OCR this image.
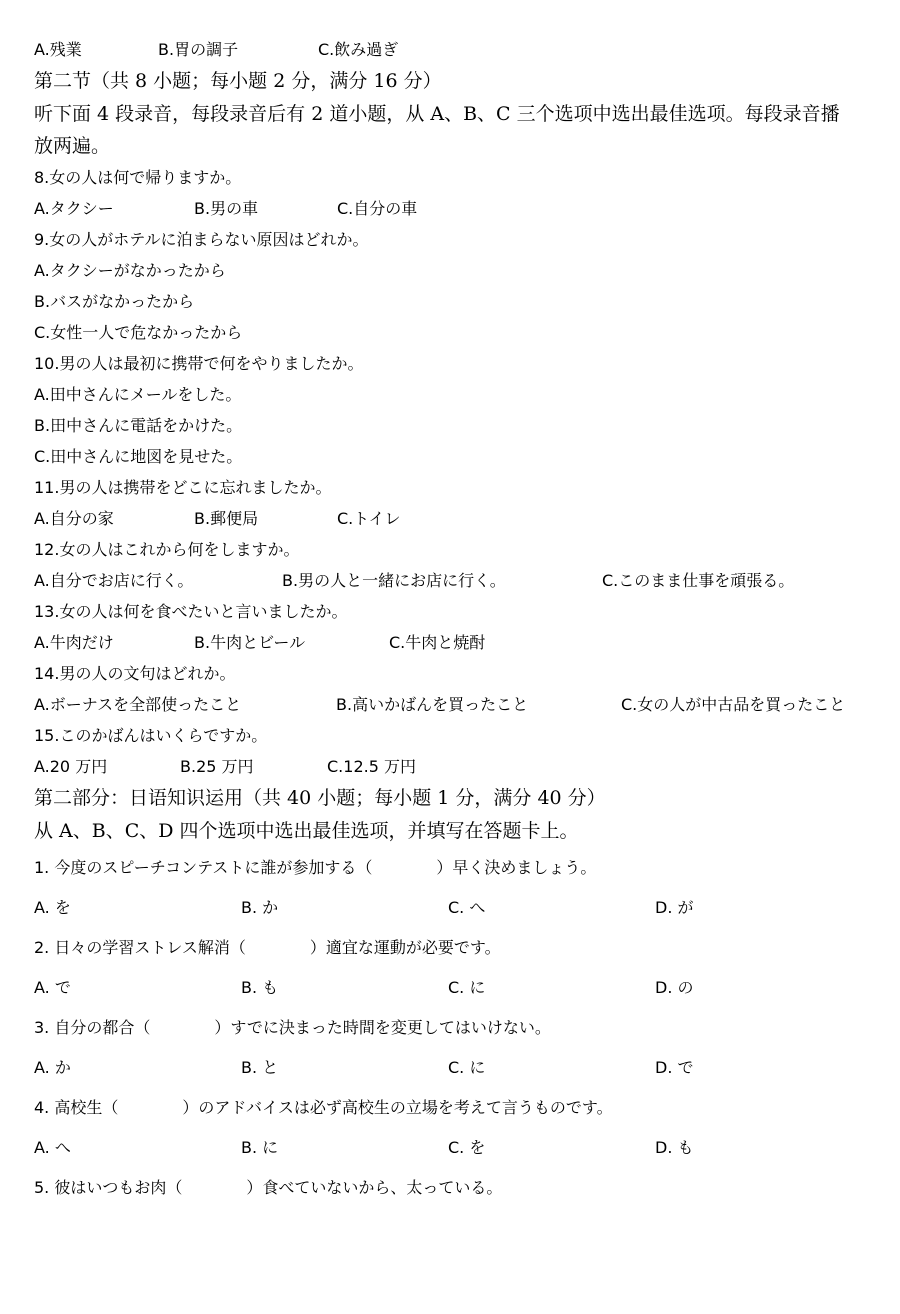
A.残業	B.胃の調子	C.飲み過ぎ
第二节（共 8 小题；每小题 2 分，满分 16 分）
听下面 4 段录音，每段录音后有 2 道小题，从 A、B、C 三个选项中选出最佳选项。每段录音播放两遍。
8.女の人は何で帰りますか。
A.タクシー	B.男の車	C.自分の車
9.女の人がホテルに泊まらない原因はどれか。
A.タクシーがなかったから
B.バスがなかったから
C.女性一人で危なかったから
10.男の人は最初に携帯で何をやりましたか。
A.田中さんにメールをした。
B.田中さんに電話をかけた。
C.田中さんに地図を見せた。
11.男の人は携帯をどこに忘れましたか。
A.自分の家	B.郵便局	C.トイレ
12.女の人はこれから何をしますか。
A.自分でお店に行く。	B.男の人と一緒にお店に行く。	C.このまま仕事を頑張る。
13.女の人は何を食べたいと言いましたか。
A.牛肉だけ	B.牛肉とビール	C.牛肉と焼酎
14.男の人の文句はどれか。
A.ボーナスを全部使ったこと	B.高いかばんを買ったこと	C.女の人が中古品を買ったこと
15.このかばんはいくらですか。
A.20 万円	B.25 万円	C.12.5 万円
第二部分：日语知识运用（共 40 小题；每小题 1 分，满分 40 分）
从 A、B、C、D 四个选项中选出最佳选项，并填写在答题卡上。
1. 今度のスピーチコンテストに誰が参加する（　　　　）早く決めましょう。
A. を	B. か	C. へ	D. が
2. 日々の学習ストレス解消（　　　　）適宜な運動が必要です。
A. で	B. も	C. に	D. の
3. 自分の都合（　　　　）すでに決まった時間を変更してはいけない。
A. か	B. と	C. に	D. で
4. 高校生（　　　　）のアドバイスは必ず高校生の立場を考えて言うものです。
A. へ	B. に	C. を	D. も
5. 彼はいつもお肉（　　　　）食べていないから、太っている。
